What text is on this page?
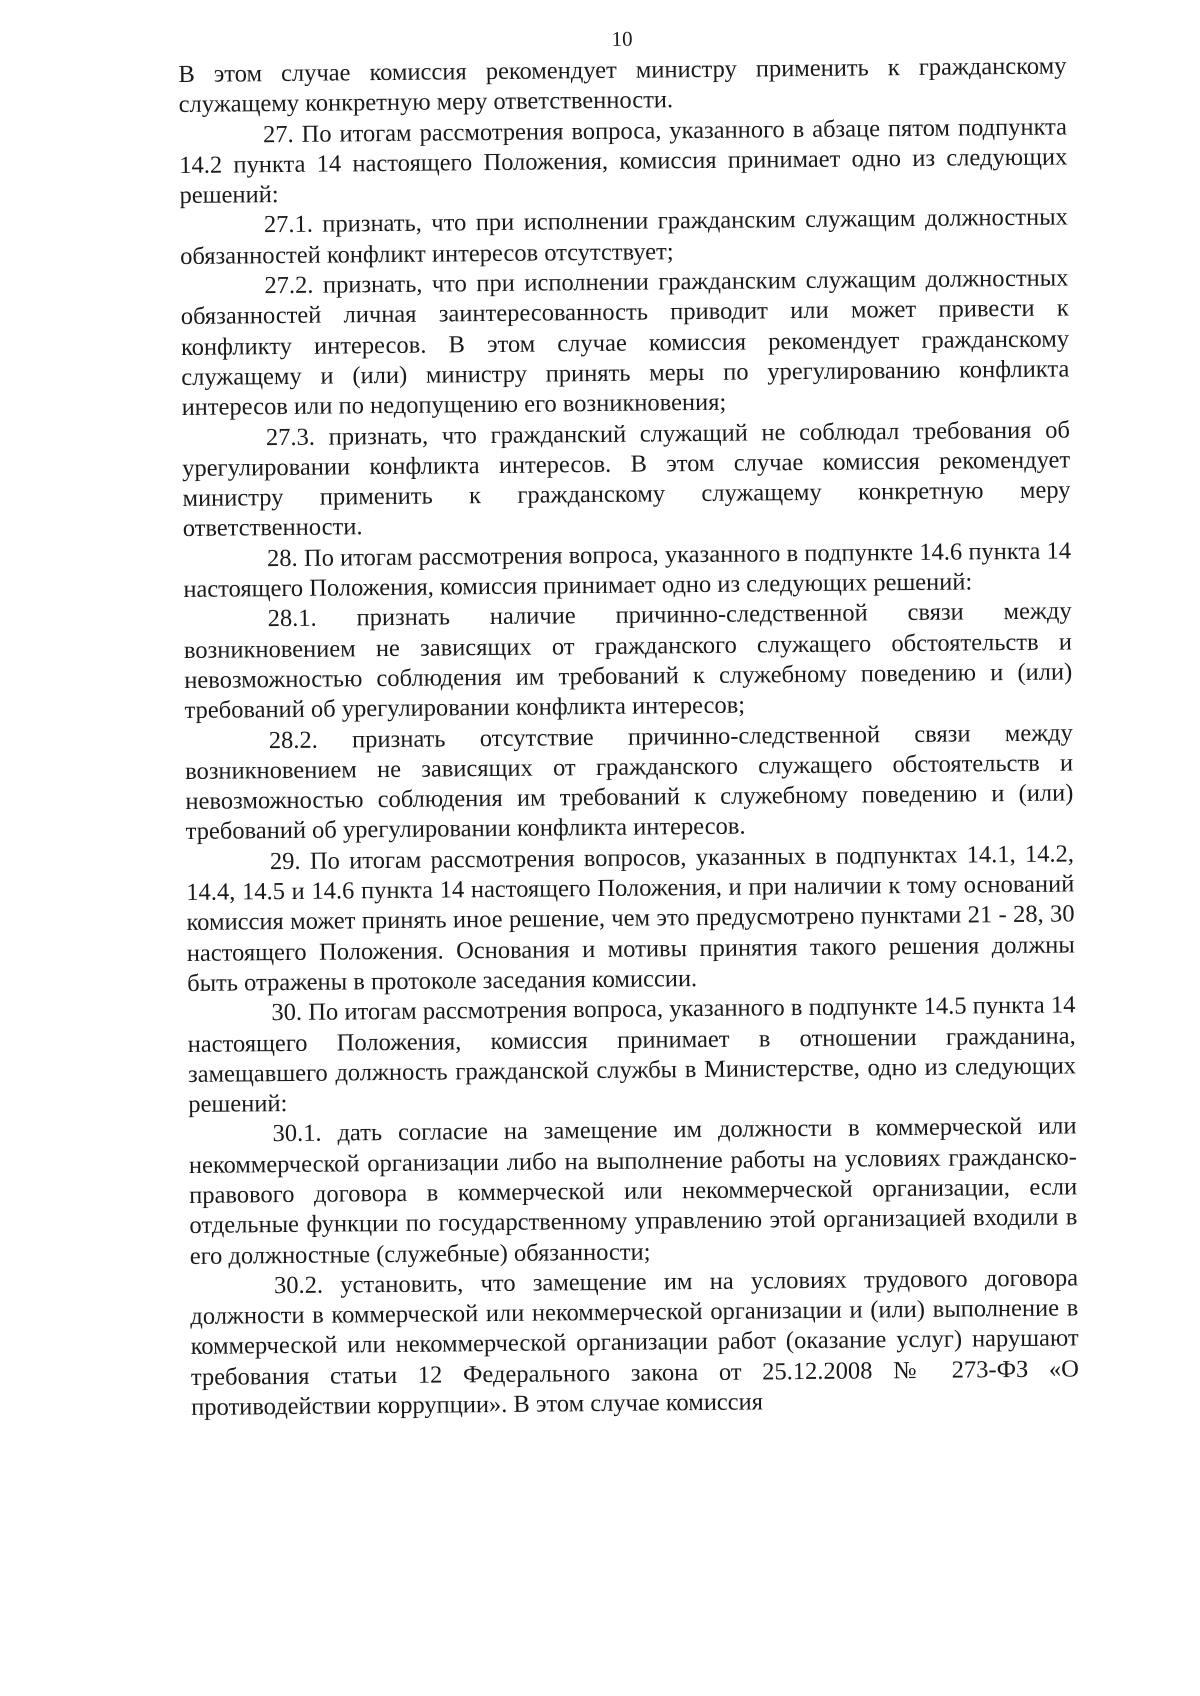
10

В этом случае комиссия рекомендует министру применить к гражданскому служащему конкретную меру ответственности.

27. По итогам рассмотрения вопроса, указанного в абзаце пятом подпункта 14.2 пункта 14 настоящего Положения, комиссия принимает одно из следующих решений:

27.1. признать, что при исполнении гражданским служащим должностных обязанностей конфликт интересов отсутствует;

27.2. признать, что при исполнении гражданским служащим должностных обязанностей личная заинтересованность приводит или может привести к конфликту интересов. В этом случае комиссия рекомендует гражданскому служащему и (или) министру принять меры по урегулированию конфликта интересов или по недопущению его возникновения;

27.3. признать, что гражданский служащий не соблюдал требования об урегулировании конфликта интересов. В этом случае комиссия рекомендует министру применить к гражданскому служащему конкретную меру ответственности.

28. По итогам рассмотрения вопроса, указанного в подпункте 14.6 пункта 14 настоящего Положения, комиссия принимает одно из следующих решений:

28.1. признать наличие причинно-следственной связи между возникновением не зависящих от гражданского служащего обстоятельств и невозможностью соблюдения им требований к служебному поведению и (или) требований об урегулировании конфликта интересов;

28.2. признать отсутствие причинно-следственной связи между возникновением не зависящих от гражданского служащего обстоятельств и невозможностью соблюдения им требований к служебному поведению и (или) требований об урегулировании конфликта интересов.

29. По итогам рассмотрения вопросов, указанных в подпунктах 14.1, 14.2, 14.4, 14.5 и 14.6 пункта 14 настоящего Положения, и при наличии к тому оснований комиссия может принять иное решение, чем это предусмотрено пунктами 21 - 28, 30 настоящего Положения. Основания и мотивы принятия такого решения должны быть отражены в протоколе заседания комиссии.

30. По итогам рассмотрения вопроса, указанного в подпункте 14.5 пункта 14 настоящего Положения, комиссия принимает в отношении гражданина, замещавшего должность гражданской службы в Министерстве, одно из следующих решений:

30.1. дать согласие на замещение им должности в коммерческой или некоммерческой организации либо на выполнение работы на условиях гражданско-правового договора в коммерческой или некоммерческой организации, если отдельные функции по государственному управлению этой организацией входили в его должностные (служебные) обязанности;

30.2. установить, что замещение им на условиях трудового договора должности в коммерческой или некоммерческой организации и (или) выполнение в коммерческой или некоммерческой организации работ (оказание услуг) нарушают требования статьи 12 Федерального закона от 25.12.2008 № 273-ФЗ «О противодействии коррупции». В этом случае комиссия
